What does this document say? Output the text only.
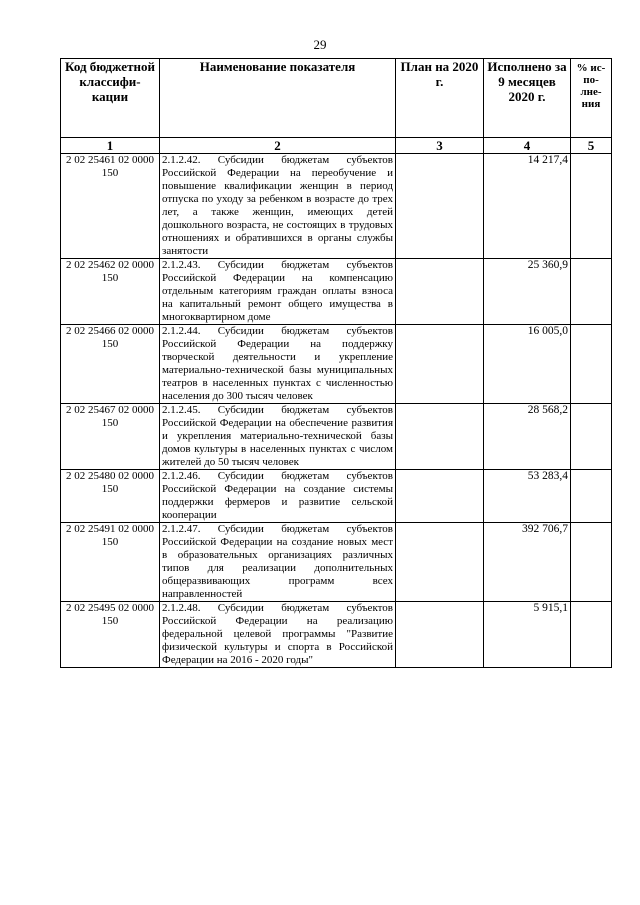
29
Код бюджетной классифи-кации	Наименование показателя	План на 2020 г.	Исполнено за 9 месяцев 2020 г.	% ис-по-лне-ния
1	2	3	4	5
2 02 25461 02 0000 150	2.1.2.42. Субсидии бюджетам субъектов Российской Федерации на переобучение и повышение квалификации женщин в период отпуска по уходу за ребенком в возрасте до трех лет, а также женщин, имеющих детей дошкольного возраста, не состоящих в трудовых отношениях и обратившихся в органы службы занятости		14 217,4	
2 02 25462 02 0000 150	2.1.2.43. Субсидии бюджетам субъектов Российской Федерации на компенсацию отдельным категориям граждан оплаты взноса на капитальный ремонт общего имущества в многоквартирном доме		25 360,9	
2 02 25466 02 0000 150	2.1.2.44. Субсидии бюджетам субъектов Российской Федерации на поддержку творческой деятельности и укрепление материально-технической базы муниципальных театров в населенных пунктах с численностью населения до 300 тысяч человек		16 005,0	
2 02 25467 02 0000 150	2.1.2.45. Субсидии бюджетам субъектов Российской Федерации на обеспечение развития и укрепления материально-технической базы домов культуры в населенных пунктах с числом жителей до 50 тысяч человек		28 568,2	
2 02 25480 02 0000 150	2.1.2.46. Субсидии бюджетам субъектов Российской Федерации на создание системы поддержки фермеров и развитие сельской кооперации		53 283,4	
2 02 25491 02 0000 150	2.1.2.47. Субсидии бюджетам субъектов Российской Федерации на создание новых мест в образовательных организациях различных типов для реализации дополнительных общеразвивающих программ всех направленностей		392 706,7	
2 02 25495 02 0000 150	2.1.2.48. Субсидии бюджетам субъектов Российской Федерации на реализацию федеральной целевой программы "Развитие физической культуры и спорта в Российской Федерации на 2016 - 2020 годы"		5 915,1	
